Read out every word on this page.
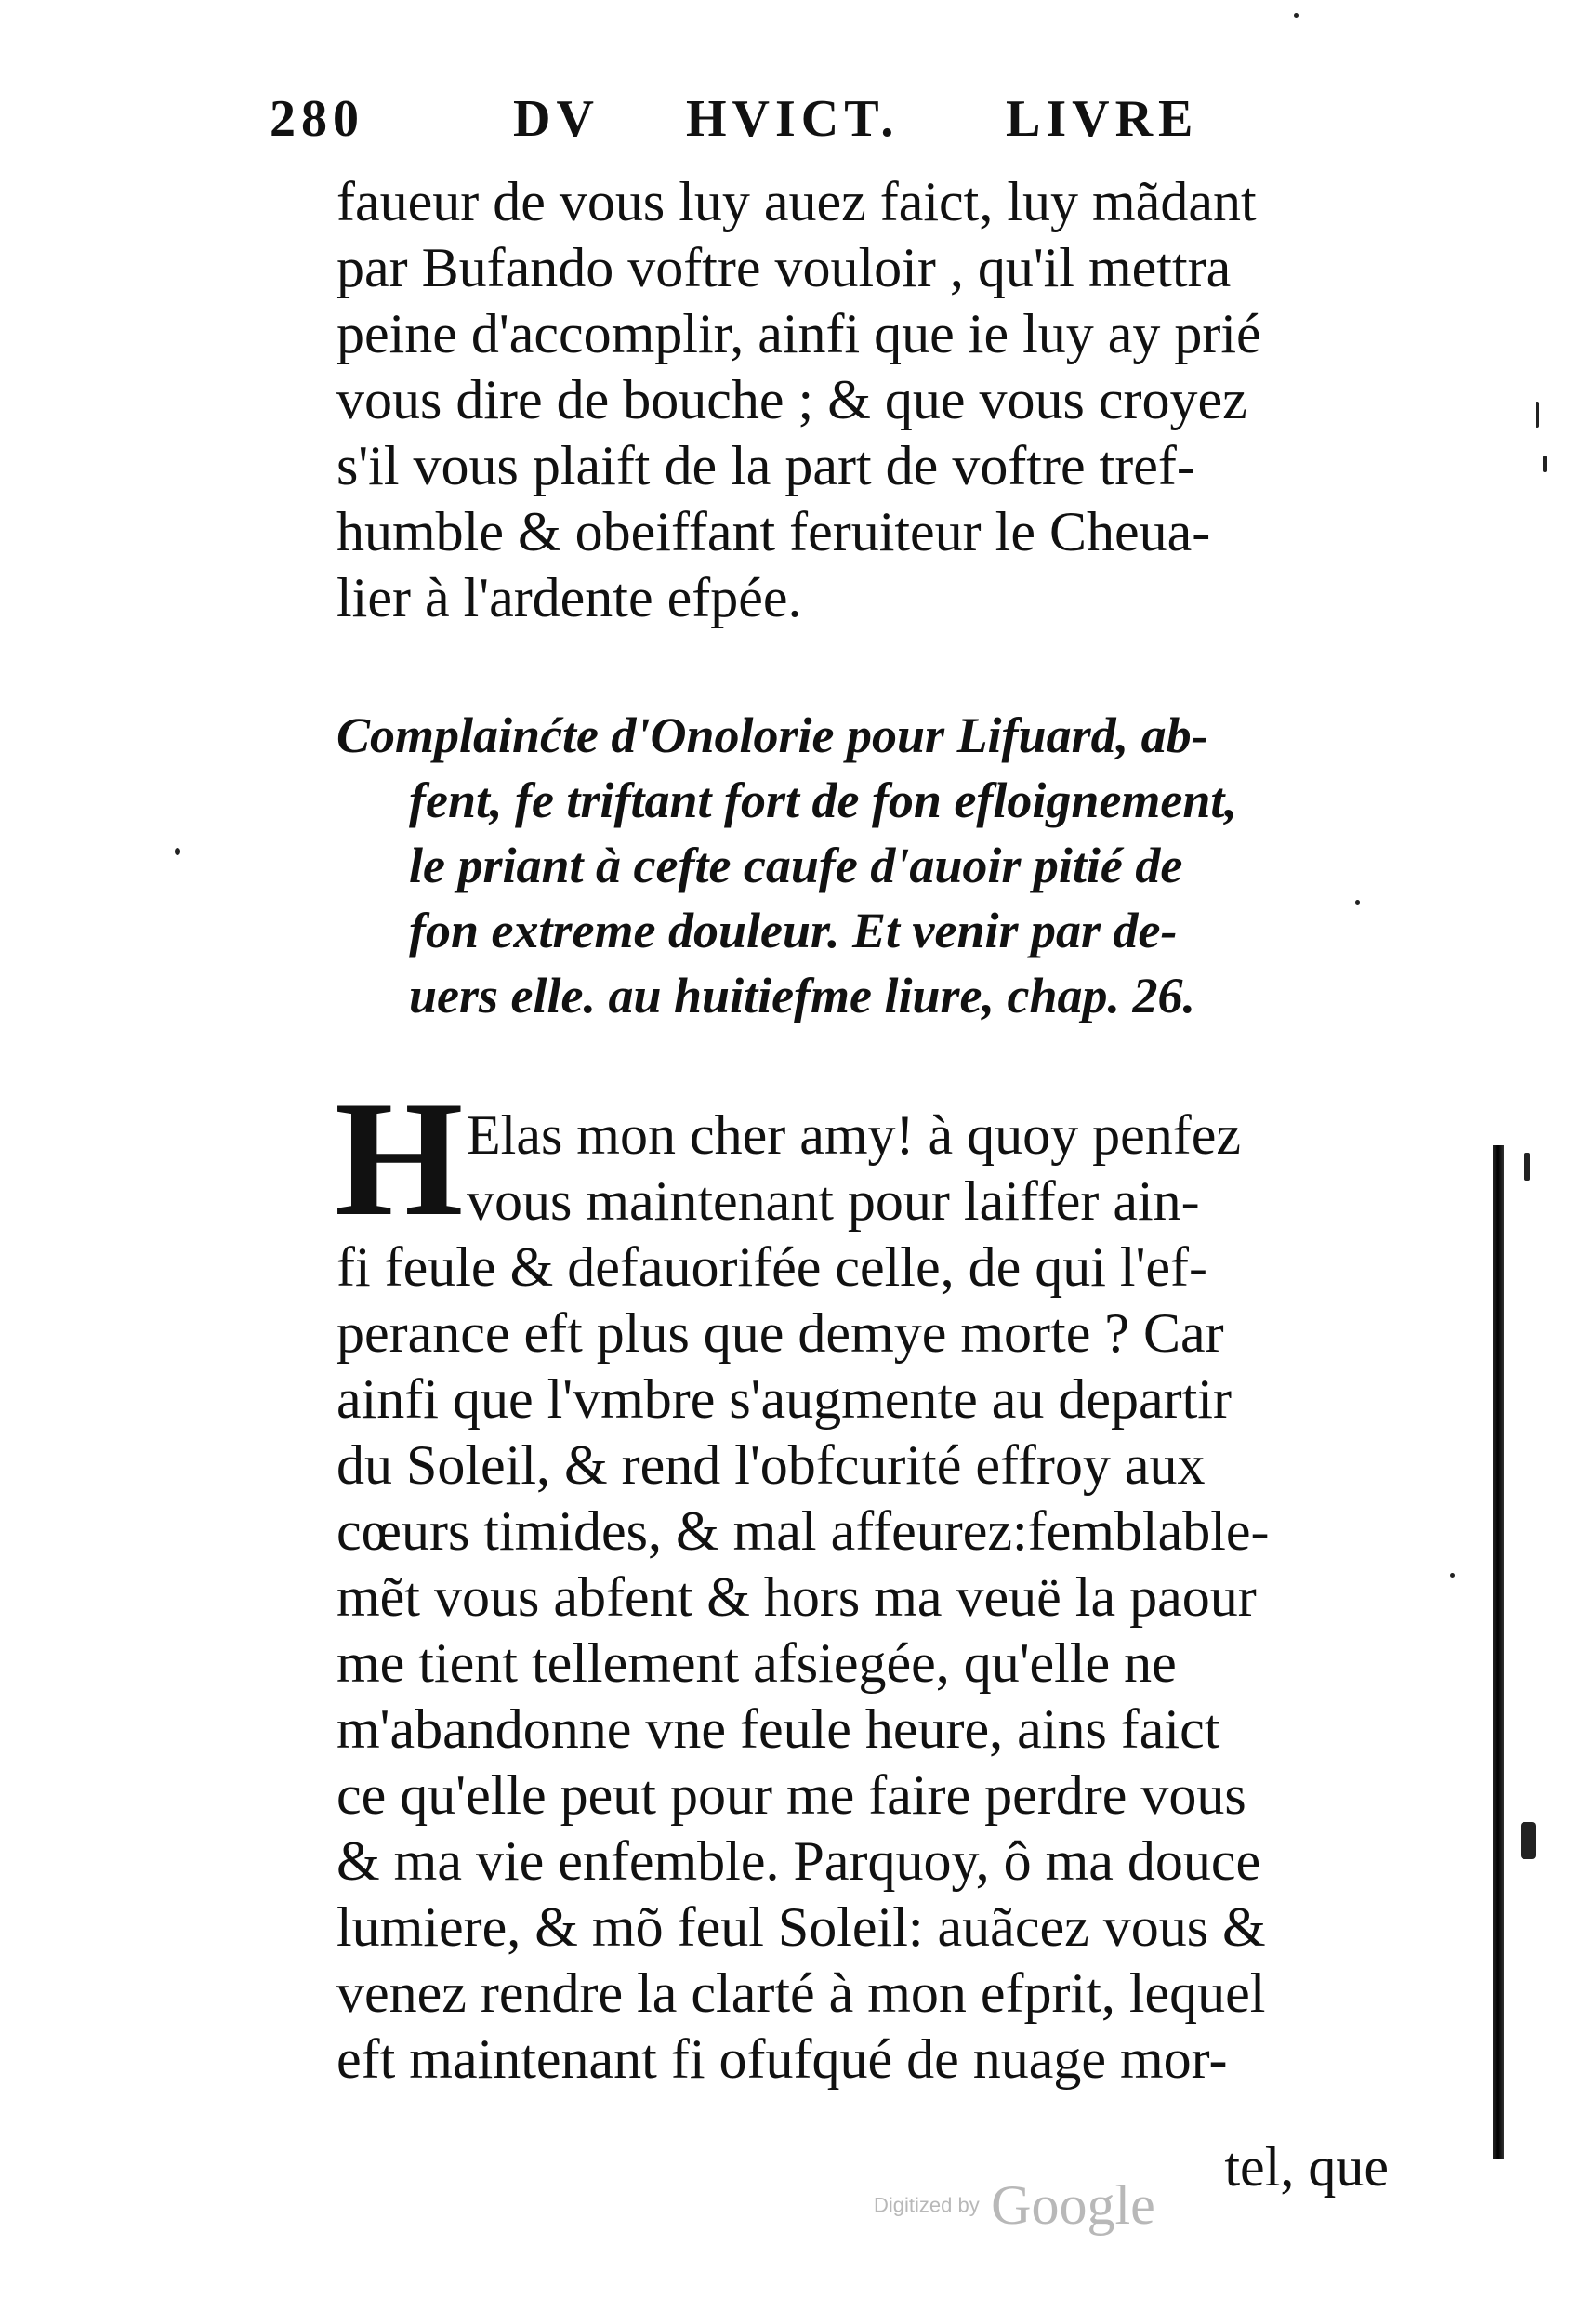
280	DV HVICT. LIVRE
faueur de vous luy auez faict, luy mãdant
par Bufando voftre vouloir , qu'il mettra
peine d'accomplir, ainfi que ie luy ay prié
vous dire de bouche ; & que vous croyez
s'il vous plaift de la part de voftre tref-
humble & obeiffant feruiteur le Cheua-
lier à l'ardente efpée.
Complainćte d'Onolorie pour Lifuard, ab-
fent, fe triftant fort de fon efloignement,
le priant à cefte caufe d'auoir pitié de
fon extreme douleur. Et venir par de-
uers elle. au huitiefme liure, chap. 26.
H Elas mon cher amy! à quoy penfez
vous maintenant pour laiffer ain-
fi feule & defauorifée celle, de qui l'ef-
perance eft plus que demye morte ? Car
ainfi que l'vmbre s'augmente au departir
du Soleil, & rend l'obfcurité effroy aux
cœurs timides, & mal affeurez:femblable-
mẽt vous abfent & hors ma veuë la paour
me tient tellement afsiegée, qu'elle ne
m'abandonne vne feule heure, ains faict
ce qu'elle peut pour me faire perdre vous
& ma vie enfemble. Parquoy, ô ma douce
lumiere, & mõ feul Soleil: auãcez vous &
venez rendre la clarté à mon efprit, lequel
eft maintenant fi ofufqué de nuage mor-
tel, que
Digitized by Google
